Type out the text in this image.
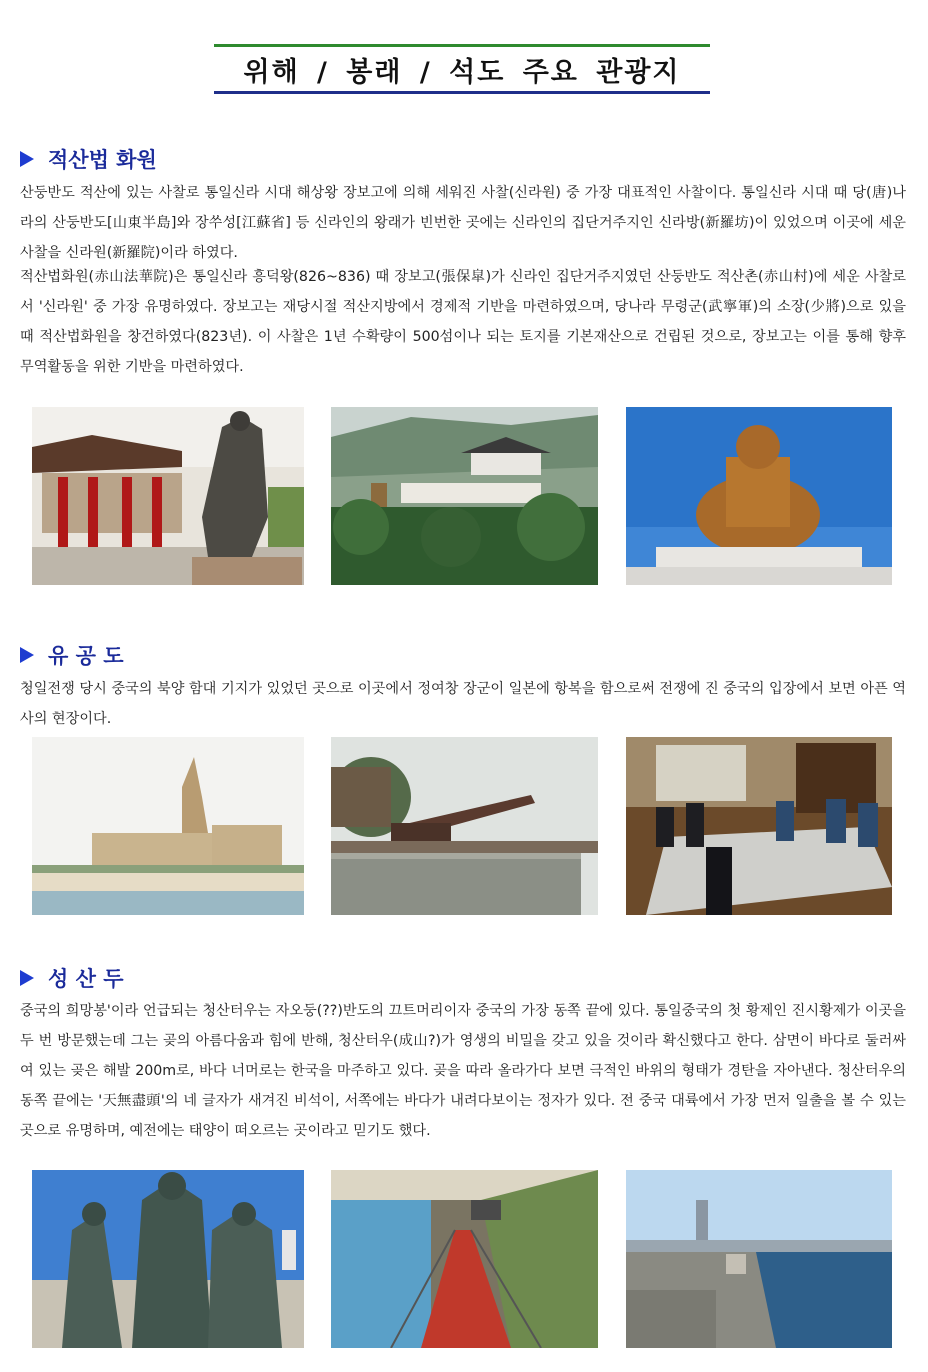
위해 / 봉래 / 석도 주요 관광지
적산법 화원

산둥반도 적산에 있는 사찰로 통일신라 시대 해상왕 장보고에 의해 세워진 사찰(신라원) 중 가장 대표적인 사찰이다. 통일신라 시대 때 당(唐)나라의 산둥반도[山東半島]와 장쑤성[江蘇省] 등 신라인의 왕래가 빈번한 곳에는 신라인의 집단거주지인 신라방(新羅坊)이 있었으며 이곳에 세운 사찰을 신라원(新羅院)이라 하였다.

적산법화원(赤山法華院)은 통일신라 흥덕왕(826~836) 때 장보고(張保皐)가 신라인 집단거주지였던 산둥반도 적산촌(赤山村)에 세운 사찰로서 '신라원' 중 가장 유명하였다. 장보고는 재당시절 적산지방에서 경제적 기반을 마련하였으며, 당나라 무령군(武寧軍)의 소장(少將)으로 있을 때 적산법화원을 창건하였다(823년). 이 사찰은 1년 수확량이 500섬이나 되는 토지를 기본재산으로 건립된 것으로, 장보고는 이를 통해 향후 무역활동을 위한 기반을 마련하였다.

유 공 도

청일전쟁 당시 중국의 북양 함대 기지가 있었던 곳으로 이곳에서 정여창 장군이 일본에 항복을 함으로써 전쟁에 진 중국의 입장에서 보면 아픈 역사의 현장이다.

성 산 두

중국의 희망봉'이라 언급되는 청산터우는 자오둥(??)반도의 끄트머리이자 중국의 가장 동쪽 끝에 있다. 통일중국의 첫 황제인 진시황제가 이곳을 두 번 방문했는데 그는 곶의 아름다움과 힘에 반해, 청산터우(成山?)가 영생의 비밀을 갖고 있을 것이라 확신했다고 한다. 삼면이 바다로 둘러싸여 있는 곶은 해발 200m로, 바다 너머로는 한국을 마주하고 있다. 곶을 따라 올라가다 보면 극적인 바위의 형태가 경탄을 자아낸다. 청산터우의 동쪽 끝에는 '天無盡頭'의 네 글자가 새겨진 비석이, 서쪽에는 바다가 내려다보이는 정자가 있다. 전 중국 대륙에서 가장 먼저 일출을 볼 수 있는 곳으로 유명하며, 예전에는 태양이 떠오르는 곳이라고 믿기도 했다.
